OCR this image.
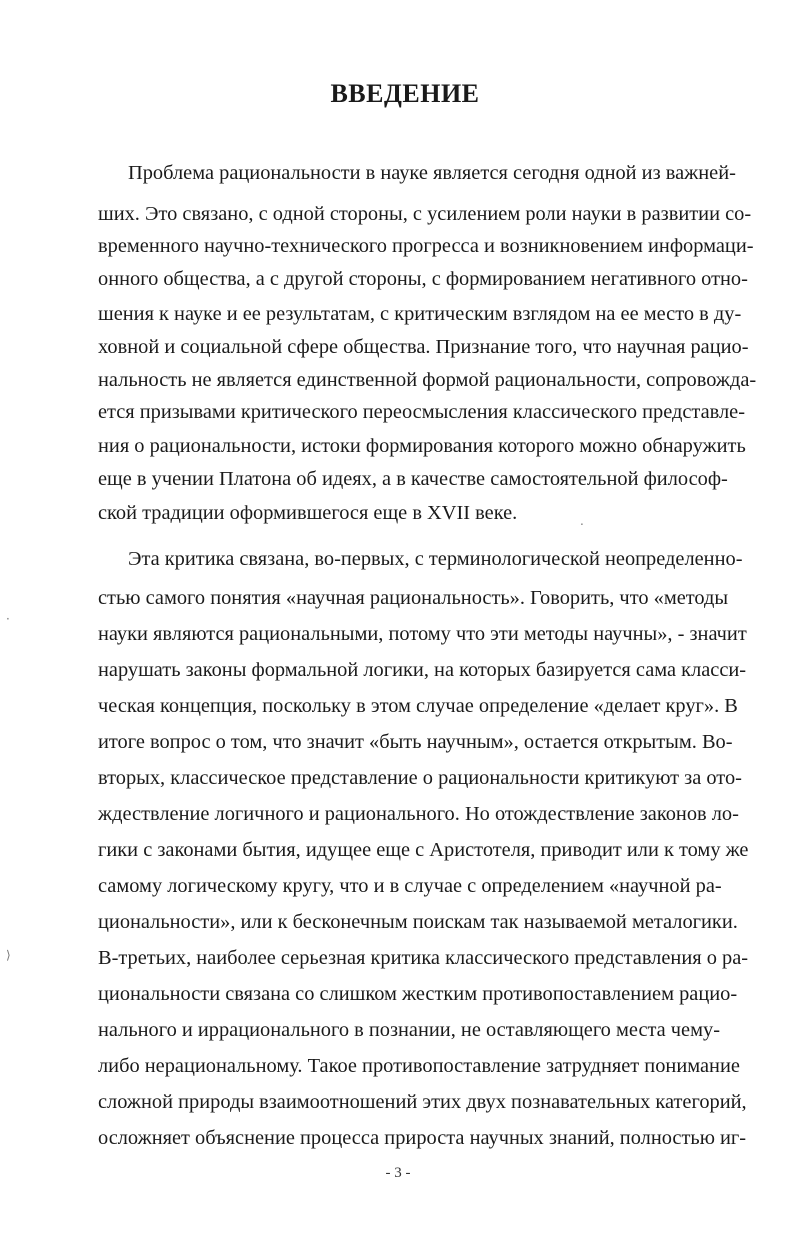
ВВЕДЕНИЕ
Проблема рациональности в науке является сегодня одной из важней-
ших. Это связано, с одной стороны, с усилением роли науки в развитии со-
временного научно-технического прогресса и возникновением информаци-
онного общества, а с другой стороны, с формированием негативного отно-
шения к науке и ее результатам, с критическим взглядом на ее место в ду-
ховной и социальной сфере общества. Признание того, что научная рацио-
нальность не является единственной формой рациональности, сопровожда-
ется призывами критического переосмысления классического представле-
ния о рациональности, истоки формирования которого можно обнаружить
еще в учении Платона об идеях, а в качестве самостоятельной философ-
ской традиции оформившегося еще в XVII веке.
Эта критика связана, во-первых, с терминологической неопределенно-
стью самого понятия «научная рациональность». Говорить, что «методы
науки являются рациональными, потому что эти методы научны», - значит
нарушать законы формальной логики, на которых базируется сама класси-
ческая концепция, поскольку в этом случае определение «делает круг». В
итоге вопрос о том, что значит «быть научным», остается открытым. Во-
вторых, классическое представление о рациональности критикуют за ото-
ждествление логичного и рационального. Но отождествление законов ло-
гики с законами бытия, идущее еще с Аристотеля, приводит или к тому же
самому логическому кругу, что и в случае с определением «научной ра-
циональности», или к бесконечным поискам так называемой металогики.
В-третьих, наиболее серьезная критика классического представления о ра-
циональности связана со слишком жестким противопоставлением рацио-
нального и иррационального в познании, не оставляющего места чему-
либо нерациональному. Такое противопоставление затрудняет понимание
сложной природы взаимоотношений этих двух познавательных категорий,
осложняет объяснение процесса прироста научных знаний, полностью иг-
- 3 -
·
⟩
.
